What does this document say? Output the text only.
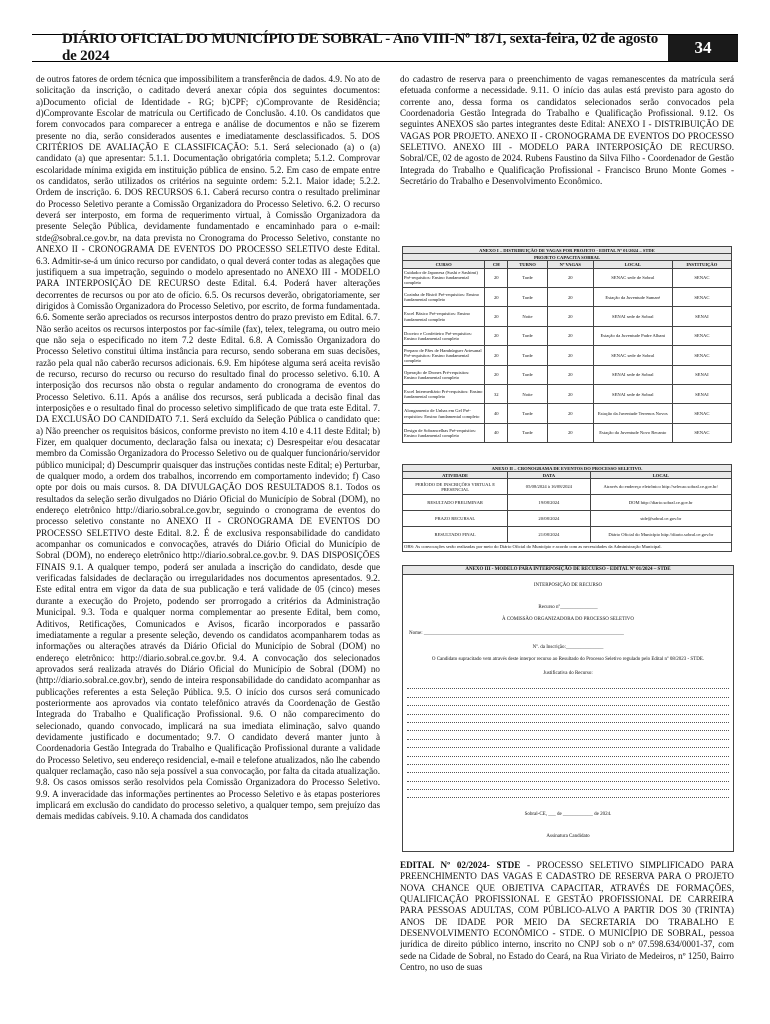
DIÁRIO OFICIAL DO MUNICÍPIO DE SOBRAL - Ano VIII-Nº 1871, sexta-feira, 02 de agosto de 2024	34

de outros fatores de ordem técnica que impossibilitem a transferência de dados. 4.9. No ato de solicitação da inscrição, o caditado deverá anexar cópia dos seguintes documentos: a)Documento oficial de Identidade - RG; b)CPF; c)Comprovante de Residência; d)Comprovante Escolar de matrícula ou Certificado de Conclusão. 4.10. Os candidatos que forem convocados para comparecer a entrega e análise de documentos e não se fizerem presente no dia, serão considerados ausentes e imediatamente desclassificados. 5. DOS CRITÉRIOS DE AVALIAÇÃO E CLASSIFICAÇÃO: 5.1. Será selecionado (a) o (a) candidato (a) que apresentar: 5.1.1. Documentação obrigatória completa; 5.1.2. Comprovar escolaridade mínima exigida em instituição pública de ensino. 5.2. Em caso de empate entre os candidatos, serão utilizados os critérios na seguinte ordem: 5.2.1. Maior idade; 5.2.2. Ordem de inscrição. 6. DOS RECURSOS 6.1. Caberá recurso contra o resultado preliminar do Processo Seletivo perante a Comissão Organizadora do Processo Seletivo. 6.2. O recurso deverá ser interposto, em forma de requerimento virtual, à Comissão Organizadora da presente Seleção Pública, devidamente fundamentado e encaminhado para o e-mail: stde@sobral.ce.gov.br, na data prevista no Cronograma do Processo Seletivo, constante no ANEXO II - CRONOGRAMA DE EVENTOS DO PROCESSO SELETIVO deste Edital. 6.3. Admitir-se-á um único recurso por candidato, o qual deverá conter todas as alegações que justifiquem a sua impetração, seguindo o modelo apresentado no ANEXO III - MODELO PARA INTERPOSIÇÃO DE RECURSO deste Edital. 6.4. Poderá haver alterações decorrentes de recursos ou por ato de ofício. 6.5. Os recursos deverão, obrigatoriamente, ser dirigidos à Comissão Organizadora do Processo Seletivo, por escrito, de forma fundamentada. 6.6. Somente serão apreciados os recursos interpostos dentro do prazo previsto em Edital. 6.7. Não serão aceitos os recursos interpostos por fac-símile (fax), telex, telegrama, ou outro meio que não seja o especificado no item 7.2 deste Edital. 6.8. A Comissão Organizadora do Processo Seletivo constitui última instância para recurso, sendo soberana em suas decisões, razão pela qual não caberão recursos adicionais. 6.9. Em hipótese alguma será aceita revisão de recurso, recurso do recurso ou recurso do resultado final do processo seletivo. 6.10. A interposição dos recursos não obsta o regular andamento do cronograma de eventos do Processo Seletivo. 6.11. Após a análise dos recursos, será publicada a decisão final das interposições e o resultado final do processo seletivo simplificado de que trata este Edital. 7. DA EXCLUSÃO DO CANDIDATO 7.1. Será excluído da Seleção Pública o candidato que: a) Não preencher os requisitos básicos, conforme previsto no item 4.10 e 4.11 deste Edital; b) Fizer, em qualquer documento, declaração falsa ou inexata; c) Desrespeitar e/ou desacatar membro da Comissão Organizadora do Processo Seletivo ou de qualquer funcionário/servidor público municipal; d) Descumprir quaisquer das instruções contidas neste Edital; e) Perturbar, de qualquer modo, a ordem dos trabalhos, incorrendo em comportamento indevido; f) Caso opte por dois ou mais cursos. 8. DA DIVULGAÇÃO DOS RESULTADOS 8.1. Todos os resultados da seleção serão divulgados no Diário Oficial do Município de Sobral (DOM), no endereço eletrônico http://diario.sobral.ce.gov.br, seguindo o cronograma de eventos do processo seletivo constante no ANEXO II - CRONOGRAMA DE EVENTOS DO PROCESSO SELETIVO deste Edital. 8.2. É de exclusiva responsabilidade do candidato acompanhar os comunicados e convocações, através do Diário Oficial do Município de Sobral (DOM), no endereço eletrônico http://diario.sobral.ce.gov.br. 9. DAS DISPOSIÇÕES FINAIS 9.1. A qualquer tempo, poderá ser anulada a inscrição do candidato, desde que verificadas falsidades de declaração ou irregularidades nos documentos apresentados. 9.2. Este edital entra em vigor da data de sua publicação e terá validade de 05 (cinco) meses durante a execução do Projeto, podendo ser prorrogado a critérios da Administração Municipal. 9.3. Toda e qualquer norma complementar ao presente Edital, bem como, Aditivos, Retificações, Comunicados e Avisos, ficarão incorporados e passarão imediatamente a regular a presente seleção, devendo os candidatos acompanharem todas as informações ou alterações através da Diário Oficial do Município de Sobral (DOM) no endereço eletrônico: http://diario.sobral.ce.gov.br. 9.4. A convocação dos selecionados aprovados será realizada através do Diário Oficial do Município de Sobral (DOM) no (http://diario.sobral.ce.gov.br), sendo de inteira responsabilidade do candidato acompanhar as publicações referentes a esta Seleção Pública. 9.5. O início dos cursos será comunicado posteriormente aos aprovados via contato telefônico através da Coordenação de Gestão Integrada do Trabalho e Qualificação Profissional. 9.6. O não comparecimento do selecionado, quando convocado, implicará na sua imediata eliminação, salvo quando devidamente justificado e documentado; 9.7. O candidato deverá manter junto à Coordenadoria Gestão Integrada do Trabalho e Qualificação Profissional durante a validade do Processo Seletivo, seu endereço residencial, e-mail e telefone atualizados, não lhe cabendo qualquer reclamação, caso não seja possível a sua convocação, por falta da citada atualização. 9.8. Os casos omissos serão resolvidos pela Comissão Organizadora do Processo Seletivo. 9.9. A inveracidade das informações pertinentes ao Processo Seletivo e às etapas posteriores implicará em exclusão do candidato do processo seletivo, a qualquer tempo, sem prejuízo das demais medidas cabíveis. 9.10. A chamada dos candidatos

do cadastro de reserva para o preenchimento de vagas remanescentes da matrícula será efetuada conforme a necessidade. 9.11. O início das aulas está previsto para agosto do corrente ano, dessa forma os candidatos selecionados serão convocados pela Coordenadoria Gestão Integrada do Trabalho e Qualificação Profissional. 9.12. Os seguintes ANEXOS são partes integrantes deste Edital: ANEXO I - DISTRIBUIÇÃO DE VAGAS POR PROJETO. ANEXO II - CRONOGRAMA DE EVENTOS DO PROCESSO SELETIVO. ANEXO III - MODELO PARA INTERPOSIÇÃO DE RECURSO. Sobral/CE, 02 de agosto de 2024. Rubens Faustino da Silva Filho - Coordenador de Gestão Integrada do Trabalho e Qualificação Profissional - Francisco Bruno Monte Gomes - Secretário do Trabalho e Desenvolvimento Econômico.

ANEXO I – DISTRIBUIÇÃO DE VAGAS POR PROJETO - EDITAL Nº 01/2024 – STDE					
PROJETO CAPACITA SOBRAL					
CURSO	CH	TURNO	Nº VAGAS	LOCAL	INSTITUIÇÃO
Cuidador de Japonesa (Sushi e Sashimi) Pré-requisitos: Ensino fundamental completo	20	Tarde	20	SENAC sede de Sobral	SENAC
Cozinha de Bistrô Pré-requisitos: Ensino fundamental completo	20	Tarde	20	Estação da Juventude Sumaré	SENAC
Excel Básico Pré-requisitos: Ensino fundamental completo	20	Noite	20	SENAI sede de Sobral	SENAI
Doceiro e Confeiteiro Pré-requisitos: Ensino fundamental completo	20	Tarde	20	Estação da Juventude Padre Albani	SENAC
Preparo de Pães de Hambúrguer Artesanal Pré-requisitos: Ensino fundamental completo	20	Tarde	20	SENAC sede de Sobral	SENAC
Operação de Drones Pré-requisitos: Ensino fundamental completo	20	Tarde	20	SENAI sede de Sobral	SENAI
Excel Intermediário Pré-requisitos: Ensino fundamental completo	32	Noite	20	SENAI sede de Sobral	SENAI
Alongamento de Unhas em Gel Pré-requisitos: Ensino fundamental completo	40	Tarde	20	Estação da Juventude Terrenos Novos	SENAC
Design de Sobrancelhas Pré-requisitos: Ensino fundamental completo	40	Tarde	20	Estação da Juventude Novo Recanto	SENAC
ANEXO II – CRONOGRAMA DE EVENTOS DO PROCESSO SELETIVO.		
ATIVIDADE	DATA	LOCAL
PERÍODO DE INSCRIÇÕES VIRTUAL E PRESENCIAL	05/08/2024 à 16/08/2024	Através do endereço eletrônico http://selecao.sobral.ce.gov.br/
RESULTADO PRELIMINAR	19/08/2024	DOM http://diario.sobral.ce.gov.br
PRAZO RECURSAL	20/08/2024	stde@sobral.ce.gov.br
RESULTADO FINAL	21/08/2024	Diário Oficial do Município http://diario.sobral.ce.gov.br
OBS: As convocações serão realizadas por meio do Diário Oficial do Município e acordo com as necessidades da Administração Municipal.
ANEXO III - MODELO PARA INTERPOSIÇÃO DE RECURSO - EDITAL Nº 01/2024 – STDE
INTERPOSIÇÃO DE RECURSO
Recurso nº_______________
À COMISSÃO ORGANIZADORA DO PROCESSO SELETIVO
Nome: ________________________________________________________________________________
Nº. da Inscrição:_______________
O Candidato supracitado vem através deste interpor recurso ao Resultado do Processo Seletivo regulado pelo Edital nº 08/2023 - STDE.
Justificativa do Recurso:
Sobral-CE, ___ de ____________ de 2024.
Assinatura Candidato
EDITAL Nº 02/2024- STDE - PROCESSO SELETIVO SIMPLIFICADO PARA PREENCHIMENTO DAS VAGAS E CADASTRO DE RESERVA PARA O PROJETO NOVA CHANCE QUE OBJETIVA CAPACITAR, ATRAVÉS DE FORMAÇÕES, QUALIFICAÇÃO PROFISSIONAL E GESTÃO PROFISSIONAL DE CARREIRA PARA PESSOAS ADULTAS, COM PÚBLICO-ALVO A PARTIR DOS 30 (TRINTA) ANOS DE IDADE POR MEIO DA SECRETARIA DO TRABALHO E DESENVOLVIMENTO ECONÔMICO - STDE. O MUNICÍPIO DE SOBRAL, pessoa jurídica de direito público interno, inscrito no CNPJ sob o nº 07.598.634/0001-37, com sede na Cidade de Sobral, no Estado do Ceará, na Rua Viriato de Medeiros, nº 1250, Bairro Centro, no uso de suas
